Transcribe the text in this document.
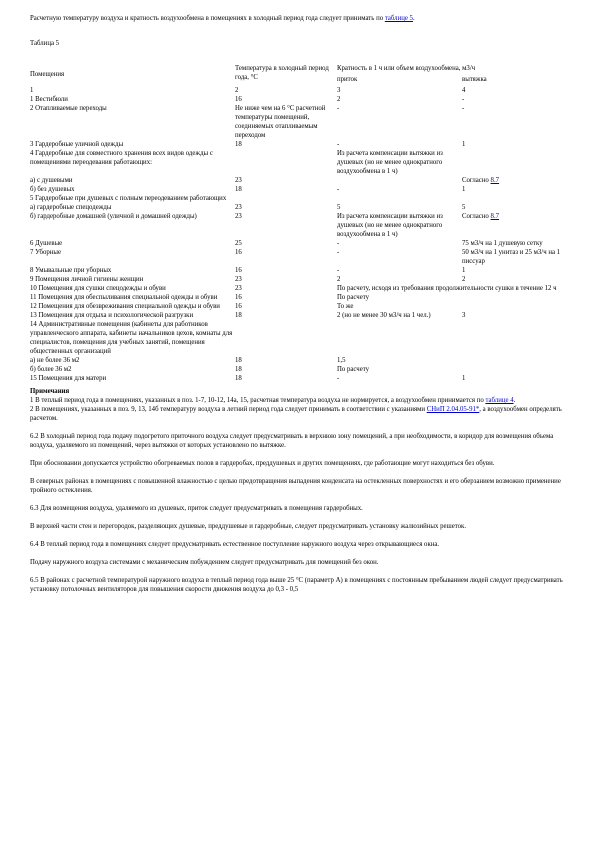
Расчетную температуру воздуха и кратность воздухообмена в помещениях в холодный период года следует принимать по таблице 5.

Таблица 5

Помещения	Температура в холодный период года, °С	Кратность в 1 ч или объем воздухообмена, м3/ч	
		приток	вытяжка
1	2	3	4
1 Вестибюли	16	2	-
2 Отапливаемые переходы	Не ниже чем на 6 °С расчетной температуры помещений, соединяемых отапливаемым переходом	-	-
3 Гардеробные уличной одежды	18	-	1
4 Гардеробные для совместного хранения всех видов одежды с помещениями переодевания работающих:		Из расчета компенсации вытяжки из душевых (но не менее однократного воздухообмена в 1 ч)	
а) с душевыми	23		Согласно 8.7
б) без душевых	18	-	1
5 Гардеробные при душевых с полным переодеванием работающих			
а) гардеробные спецодежды	23	5	5
б) гардеробные домашней (уличной и домашней одежды)	23	Из расчета компенсации вытяжки из душевых (но не менее однократного воздухообмена в 1 ч)	Согласно 8.7
6 Душевые	25	-	75 м3/ч на 1 душевую сетку
7 Уборные	16	-	50 м3/ч на 1 унитаз и 25 м3/ч на 1 писсуар
8 Умывальные при уборных	16	-	1
9 Помещения личной гигиены женщин	23	2	2
10 Помещения для сушки спецодежды и обуви	23	По расчету, исходя из требования продолжительности сушки в течение 12 ч	
11 Помещения для обеспыливания специальной одежды и обуви	16	По расчету	
12 Помещения для обезвреживания специальной одежды и обуви	16	То же	
13 Помещения для отдыха и психологической разгрузки	18	2 (но не менее 30 м3/ч на 1 чел.)	3
14 Административные помещения (кабинеты для работников управленческого аппарата, кабинеты начальников цехов, комнаты для специалистов, помещения для учебных занятий, помещения общественных организаций			
а) не более 36 м2	18	1,5	
б) более 36 м2	18	По расчету	
15 Помещения для матери	18	-	1

Примечания

1 В теплый период года в помещениях, указанных в поз. 1-7, 10-12, 14а, 15, расчетная температура воздуха не нормируется, а воздухообмен принимается по таблице 4.

2 В помещениях, указанных в поз. 9, 13, 14б температуру воздуха в летний период года следует принимать в соответствии с указаниями СНиП 2.04.05-91*, а воздухообмен определять расчетом.

6.2 В холодный период года подачу подогретого приточного воздуха следует предусматривать в верхнюю зону помещений, а при необходимости, в коридор для возмещения объема воздуха, удаляемого из помещений, через вытяжки от которых установлено по вытяжке.

При обосновании допускается устройство обогреваемых полов в гардеробах, преддушевых и других помещениях, где работающие могут находиться без обуви.

В северных районах в помещениях с повышенной влажностью с целью предотвращения выпадения конденсата на остекленных поверхностях и его оберзанием возможно применение тройного остекления.

6.3 Для возмещения воздуха, удаляемого из душевых, приток следует предусматривать в помещения гардеробных.

В верхней части стен и перегородок, разделяющих душевые, преддушевые и гардеробные, следует предусматривать установку жалюзийных решеток.

6.4 В теплый период года в помещениях следует предусматривать естественное поступление наружного воздуха через открывающиеся окна.

Подачу наружного воздуха системами с механическим побуждением следует предусматривать для помещений без окон.

6.5 В районах с расчетной температурой наружного воздуха в теплый период года выше 25 °С (параметр А) в помещениях с постоянным пребыванием людей следует предусматривать установку потолочных вентиляторов для повышения скорости движения воздуха до 0,3 - 0,5
